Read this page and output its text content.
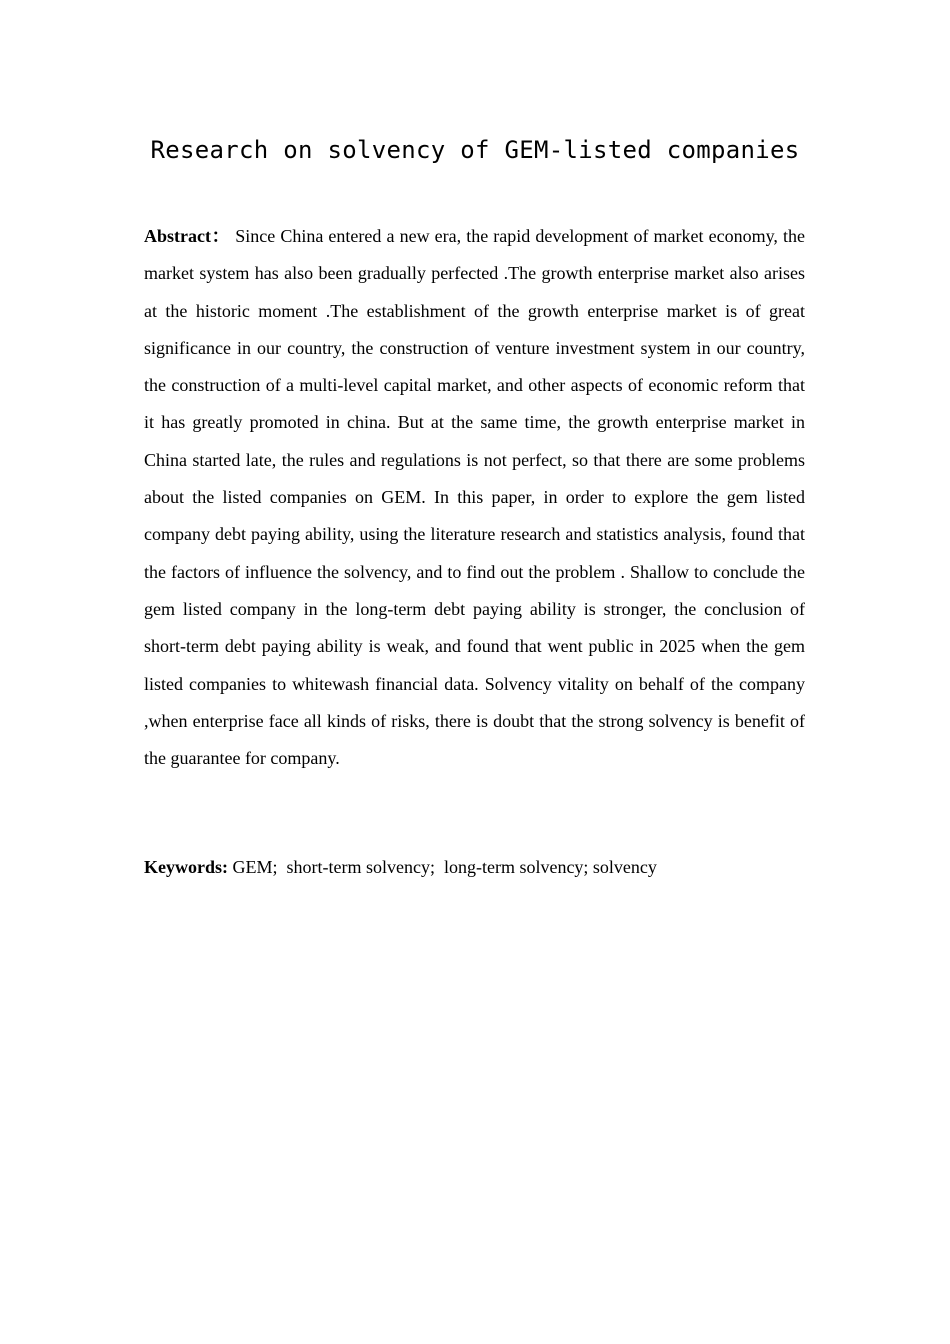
Research on solvency of GEM-listed companies

Abstract： Since China entered a new era, the rapid development of market economy, the market system has also been gradually perfected .The growth enterprise market also arises at the historic moment .The establishment of the growth enterprise market is of great significance in our country, the construction of venture investment system in our country, the construction of a multi-level capital market, and other aspects of economic reform that it has greatly promoted in china. But at the same time, the growth enterprise market in China started late, the rules and regulations is not perfect, so that there are some problems about the listed companies on GEM. In this paper, in order to explore the gem listed company debt paying ability, using the literature research and statistics analysis, found that the factors of influence the solvency, and to find out the problem . Shallow to conclude the gem listed company in the long-term debt paying ability is stronger, the conclusion of short-term debt paying ability is weak, and found that went public in 2025 when the gem listed companies to whitewash financial data. Solvency vitality on behalf of the company ,when enterprise face all kinds of risks, there is doubt that the strong solvency is benefit of the guarantee for company.

Keywords: GEM;  short-term solvency;  long-term solvency; solvency
